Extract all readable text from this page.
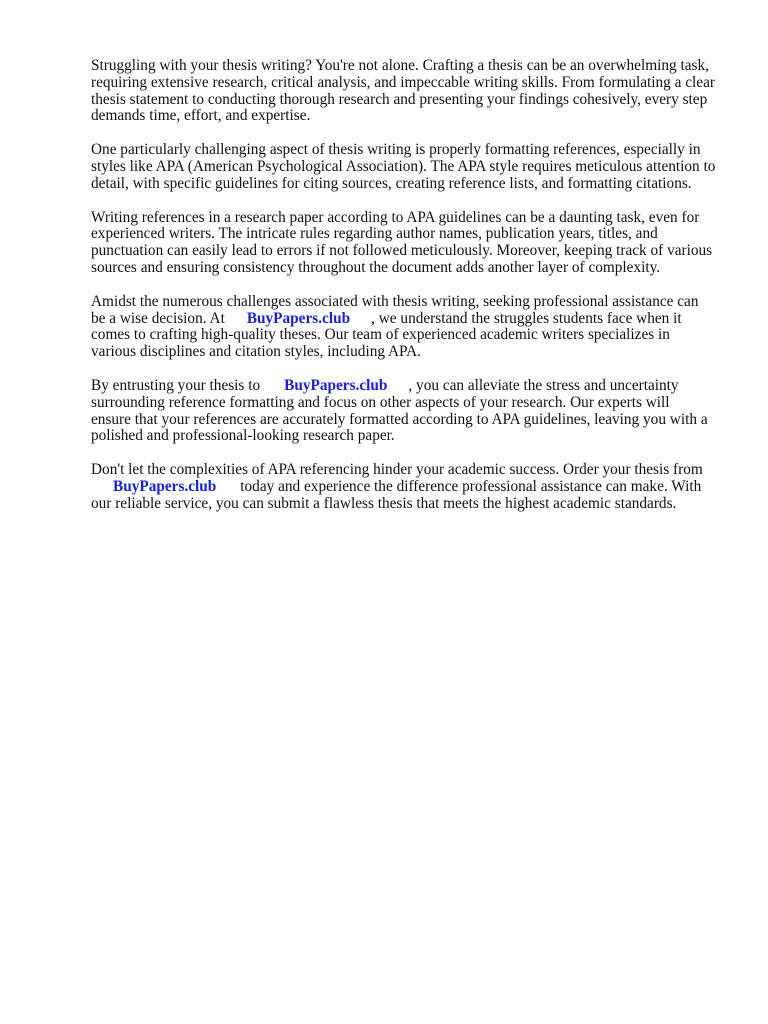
Struggling with your thesis writing? You're not alone. Crafting a thesis can be an overwhelming task,
requiring extensive research, critical analysis, and impeccable writing skills. From formulating a clear
thesis statement to conducting thorough research and presenting your findings cohesively, every step
demands time, effort, and expertise.

One particularly challenging aspect of thesis writing is properly formatting references, especially in
styles like APA (American Psychological Association). The APA style requires meticulous attention to
detail, with specific guidelines for citing sources, creating reference lists, and formatting citations.

Writing references in a research paper according to APA guidelines can be a daunting task, even for
experienced writers. The intricate rules regarding author names, publication years, titles, and
punctuation can easily lead to errors if not followed meticulously. Moreover, keeping track of various
sources and ensuring consistency throughout the document adds another layer of complexity.

Amidst the numerous challenges associated with thesis writing, seeking professional assistance can
be a wise decision. At BuyPapers.club , we understand the struggles students face when it
comes to crafting high-quality theses. Our team of experienced academic writers specializes in
various disciplines and citation styles, including APA.

By entrusting your thesis to BuyPapers.club , you can alleviate the stress and uncertainty
surrounding reference formatting and focus on other aspects of your research. Our experts will
ensure that your references are accurately formatted according to APA guidelines, leaving you with a
polished and professional-looking research paper.

Don't let the complexities of APA referencing hinder your academic success. Order your thesis from
BuyPapers.club today and experience the difference professional assistance can make. With
our reliable service, you can submit a flawless thesis that meets the highest academic standards.
